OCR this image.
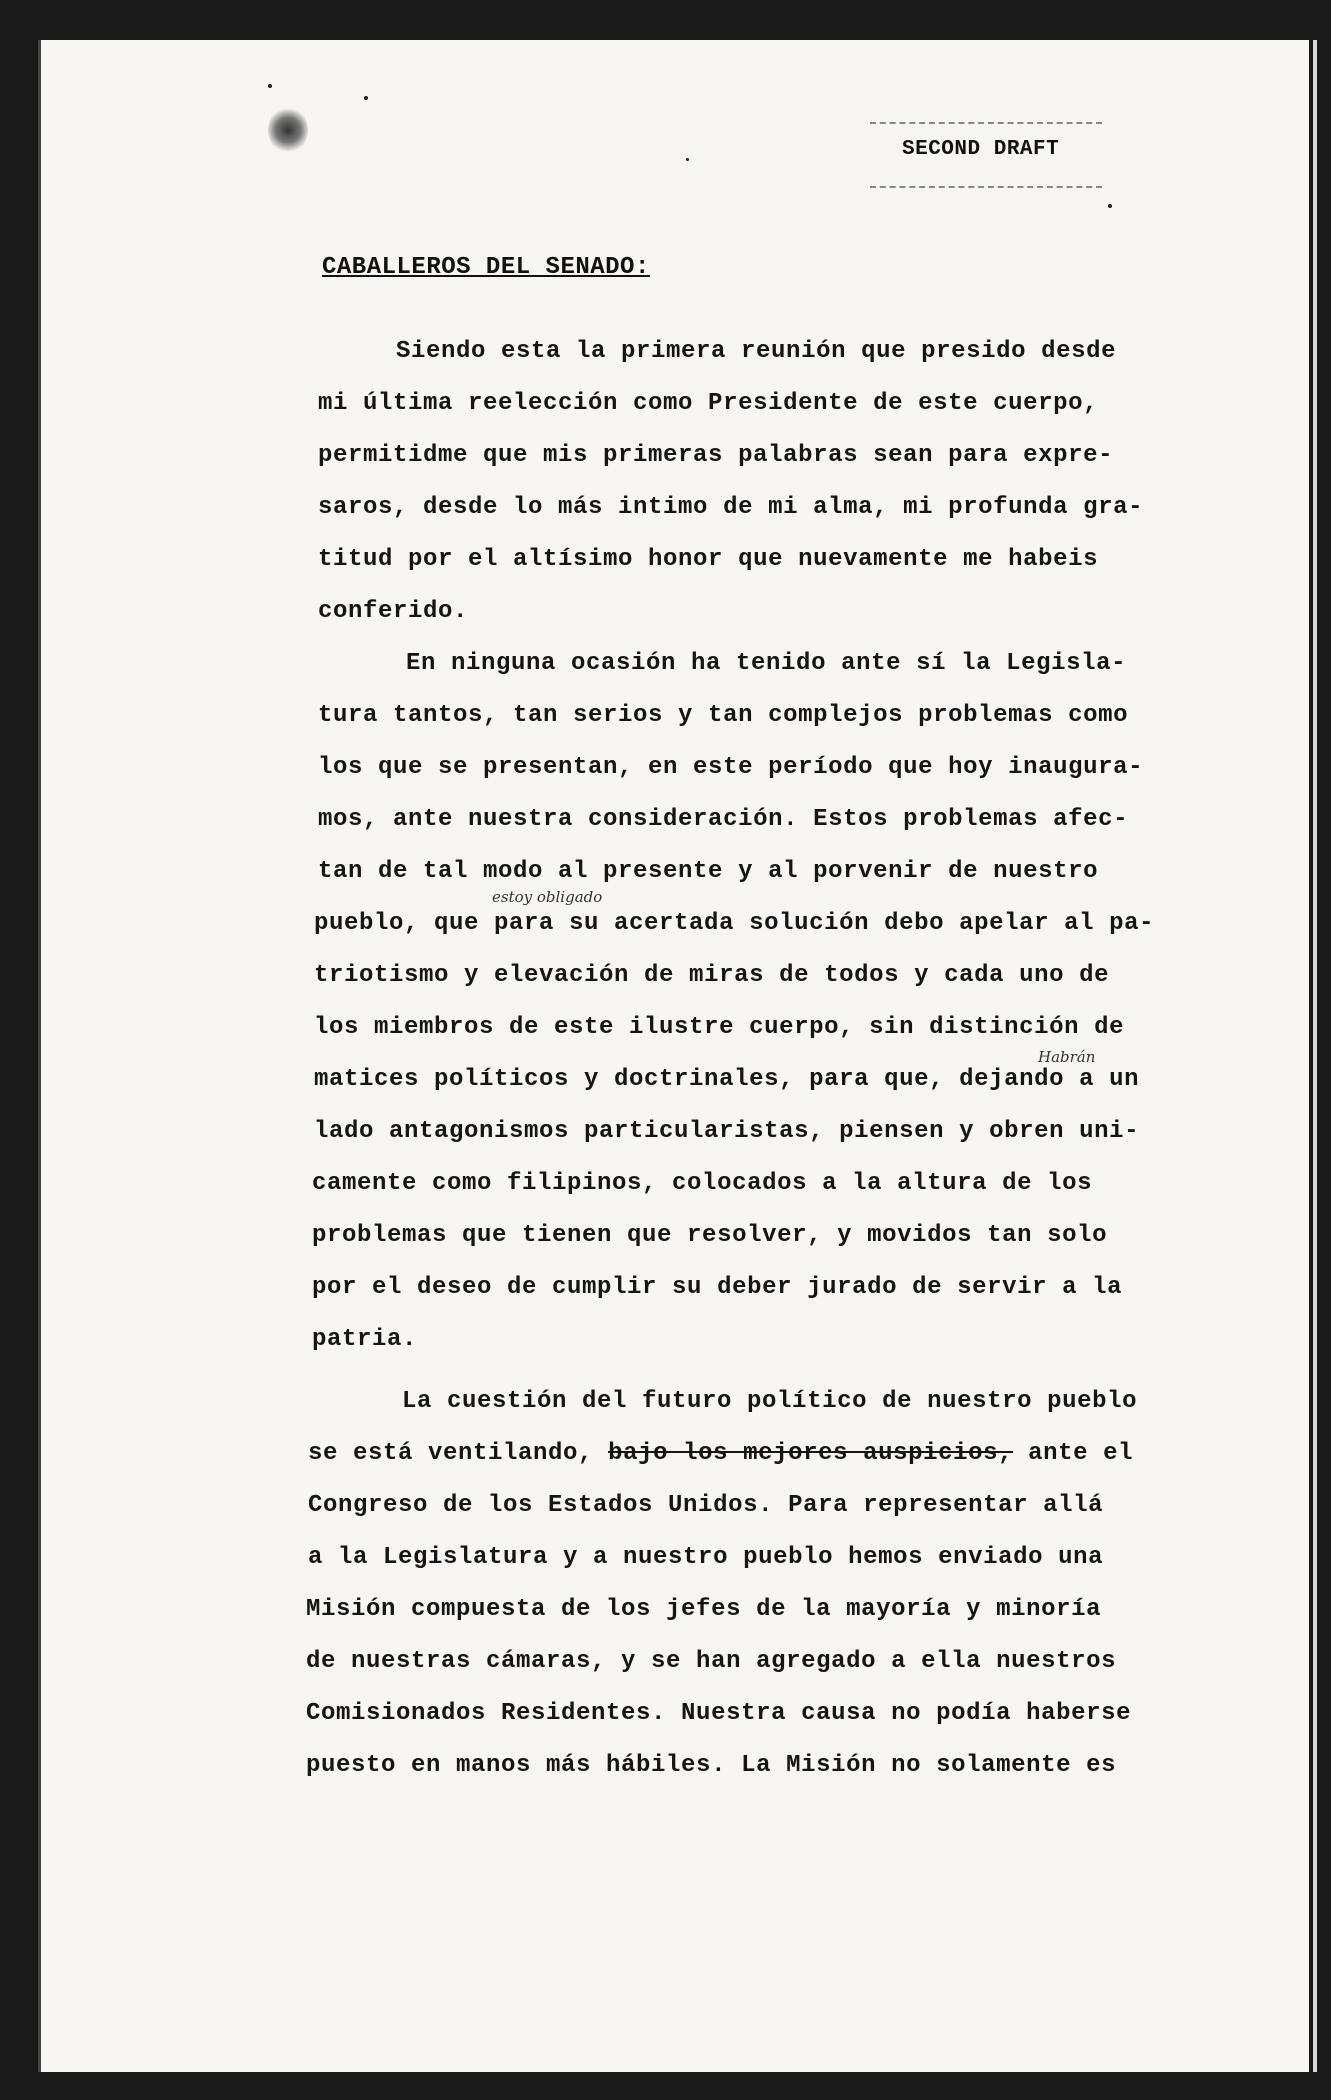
SECOND DRAFT
CABALLEROS DEL SENADO:
Siendo esta la primera reunión que presido desde
mi última reelección como Presidente de este cuerpo,
permitidme que mis primeras palabras sean para expre-
saros, desde lo más intimo de mi alma, mi profunda gra-
titud por el altísimo honor que nuevamente me habeis
conferido.
En ninguna ocasión ha tenido ante sí la Legisla-
tura tantos, tan serios y tan complejos problemas como
los que se presentan, en este período que hoy inaugura-
mos, ante nuestra consideración. Estos problemas afec-
tan de tal modo al presente y al porvenir de nuestro
pueblo, que para su acertada solución debo apelar al pa-
triotismo y elevación de miras de todos y cada uno de
los miembros de este ilustre cuerpo, sin distinción de
matices políticos y doctrinales, para que, dejando a un
lado antagonismos particularistas, piensen y obren uni-
camente como filipinos, colocados a la altura de los
problemas que tienen que resolver, y movidos tan solo
por el deseo de cumplir su deber jurado de servir a la
patria.
La cuestión del futuro político de nuestro pueblo
se está ventilando, bajo los mejores auspicios, ante el
Congreso de los Estados Unidos. Para representar allá
a la Legislatura y a nuestro pueblo hemos enviado una
Misión compuesta de los jefes de la mayoría y minoría
de nuestras cámaras, y se han agregado a ella nuestros
Comisionados Residentes. Nuestra causa no podía haberse
puesto en manos más hábiles. La Misión no solamente es
estoy obligado
Habrán
